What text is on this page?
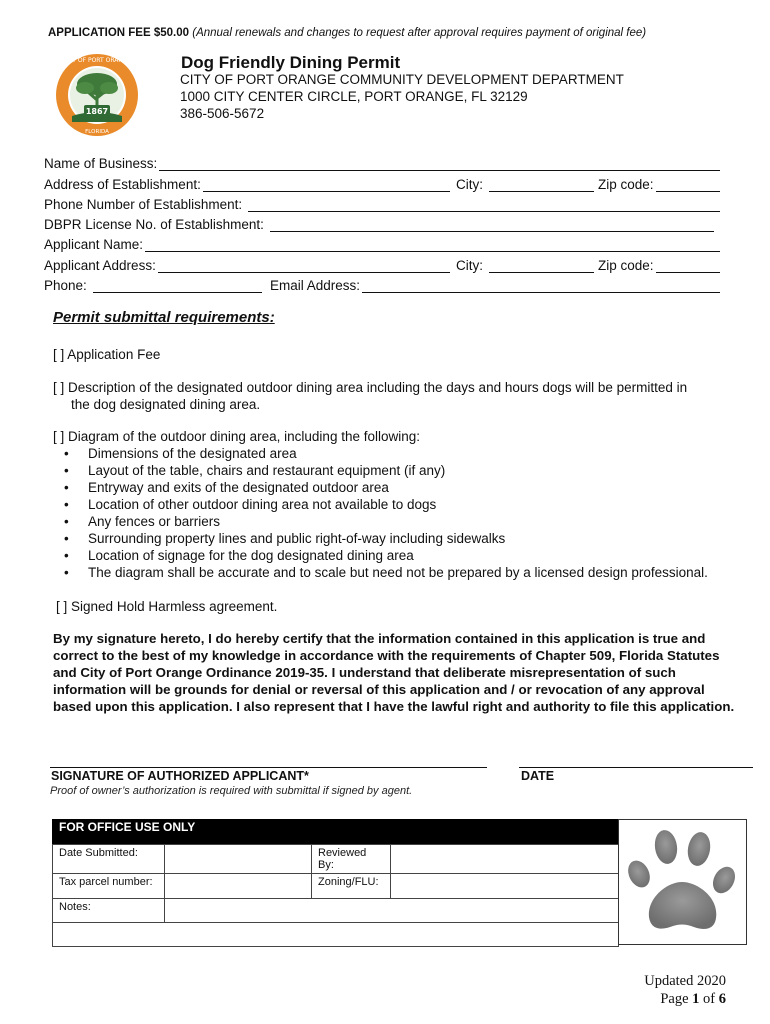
APPLICATION FEE $50.00 (Annual renewals and changes to request after approval requires payment of original fee)
1867
CITY OF PORT ORANGE
FLORIDA
Dog Friendly Dining Permit
CITY OF PORT ORANGE COMMUNITY DEVELOPMENT DEPARTMENT
1000 CITY CENTER CIRCLE, PORT ORANGE, FL 32129
386-506-5672
Name of Business:
Address of Establishment:	City:	Zip code:
Phone Number of Establishment:
DBPR License No. of Establishment:
Applicant Name:
Applicant Address:	City:	Zip code:
Phone:	Email Address:
Permit submittal requirements:
[ ] Application Fee
[ ] Description of the designated outdoor dining area including the days and hours dogs will be permitted in
the dog designated dining area.
[ ] Diagram of the outdoor dining area, including the following:
• Dimensions of the designated area
• Layout of the table, chairs and restaurant equipment (if any)
• Entryway and exits of the designated outdoor area
• Location of other outdoor dining area not available to dogs
• Any fences or barriers
• Surrounding property lines and public right-of-way including sidewalks
• Location of signage for the dog designated dining area
• The diagram shall be accurate and to scale but need not be prepared by a licensed design professional.
[ ] Signed Hold Harmless agreement.
By my signature hereto, I do hereby certify that the information contained in this application is true and correct to the best of my knowledge in accordance with the requirements of Chapter 509, Florida Statutes and City of Port Orange Ordinance 2019-35. I understand that deliberate misrepresentation of such information will be grounds for denial or reversal of this application and / or revocation of any approval based upon this application. I also represent that I have the lawful right and authority to file this application.
SIGNATURE OF AUTHORIZED APPLICANT*	DATE
Proof of owner’s authorization is required with submittal if signed by agent.
FOR OFFICE USE ONLY
Date Submitted:		Reviewed By:	
Tax parcel number:		Zoning/FLU:	
Notes:			

Updated 2020
Page 1 of 6
